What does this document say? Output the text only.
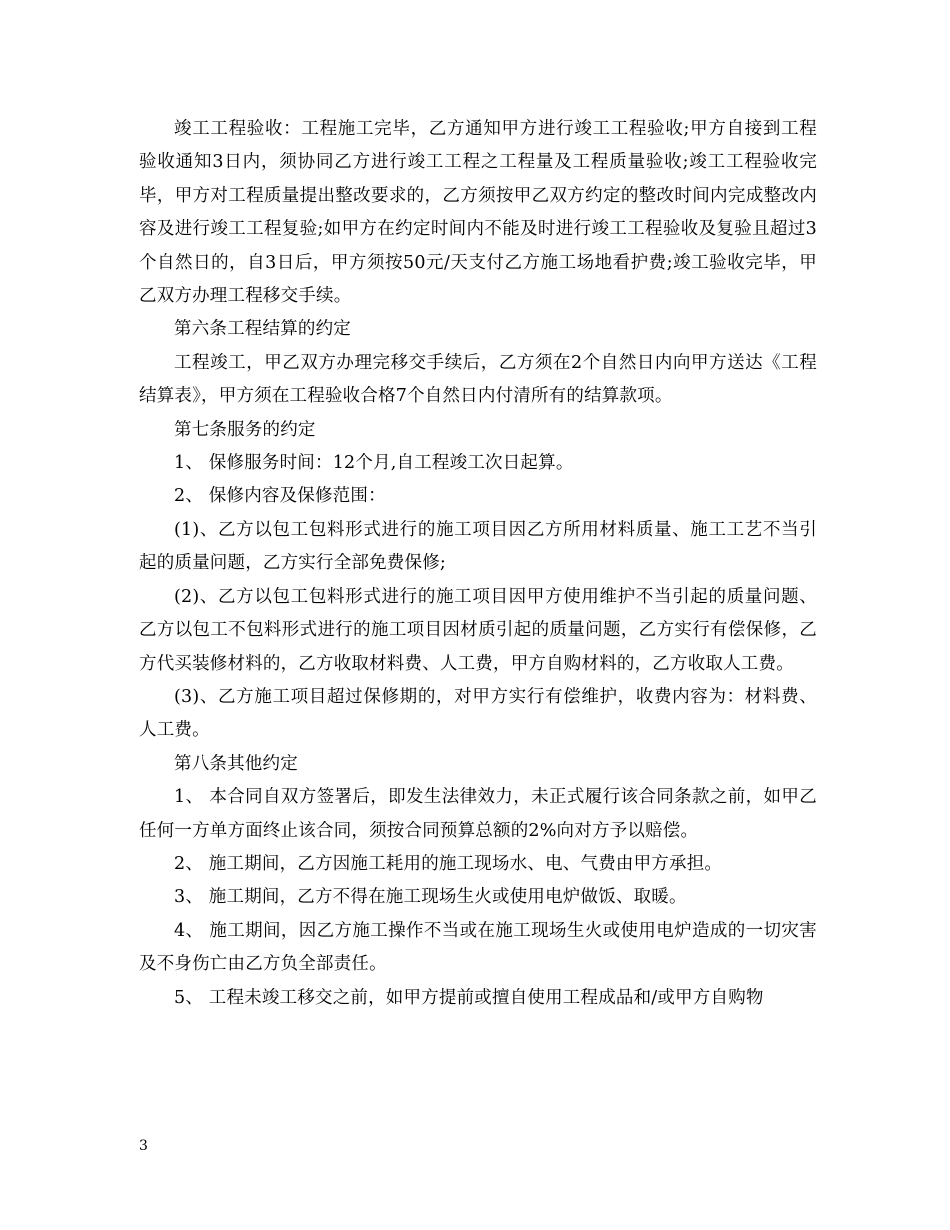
竣工工程验收：工程施工完毕，乙方通知甲方进行竣工工程验收;甲方自接到工程验收通知3日内，须协同乙方进行竣工工程之工程量及工程质量验收;竣工工程验收完毕，甲方对工程质量提出整改要求的，乙方须按甲乙双方约定的整改时间内完成整改内容及进行竣工工程复验;如甲方在约定时间内不能及时进行竣工工程验收及复验且超过3个自然日的，自3日后，甲方须按50元/天支付乙方施工场地看护费;竣工验收完毕，甲乙双方办理工程移交手续。

第六条工程结算的约定

工程竣工，甲乙双方办理完移交手续后，乙方须在2个自然日内向甲方送达《工程结算表》，甲方须在工程验收合格7个自然日内付清所有的结算款项。

第七条服务的约定

1、 保修服务时间：12个月,自工程竣工次日起算。

2、 保修内容及保修范围：

(1)、乙方以包工包料形式进行的施工项目因乙方所用材料质量、施工工艺不当引起的质量问题，乙方实行全部免费保修;

(2)、乙方以包工包料形式进行的施工项目因甲方使用维护不当引起的质量问题、乙方以包工不包料形式进行的施工项目因材质引起的质量问题，乙方实行有偿保修，乙方代买装修材料的，乙方收取材料费、人工费，甲方自购材料的，乙方收取人工费。

(3)、乙方施工项目超过保修期的，对甲方实行有偿维护，收费内容为：材料费、人工费。

第八条其他约定

1、 本合同自双方签署后，即发生法律效力，未正式履行该合同条款之前，如甲乙任何一方单方面终止该合同，须按合同预算总额的2%向对方予以赔偿。

2、 施工期间，乙方因施工耗用的施工现场水、电、气费由甲方承担。

3、 施工期间，乙方不得在施工现场生火或使用电炉做饭、取暖。

4、 施工期间，因乙方施工操作不当或在施工现场生火或使用电炉造成的一切灾害及不身伤亡由乙方负全部责任。

5、 工程未竣工移交之前，如甲方提前或擅自使用工程成品和/或甲方自购物

3
